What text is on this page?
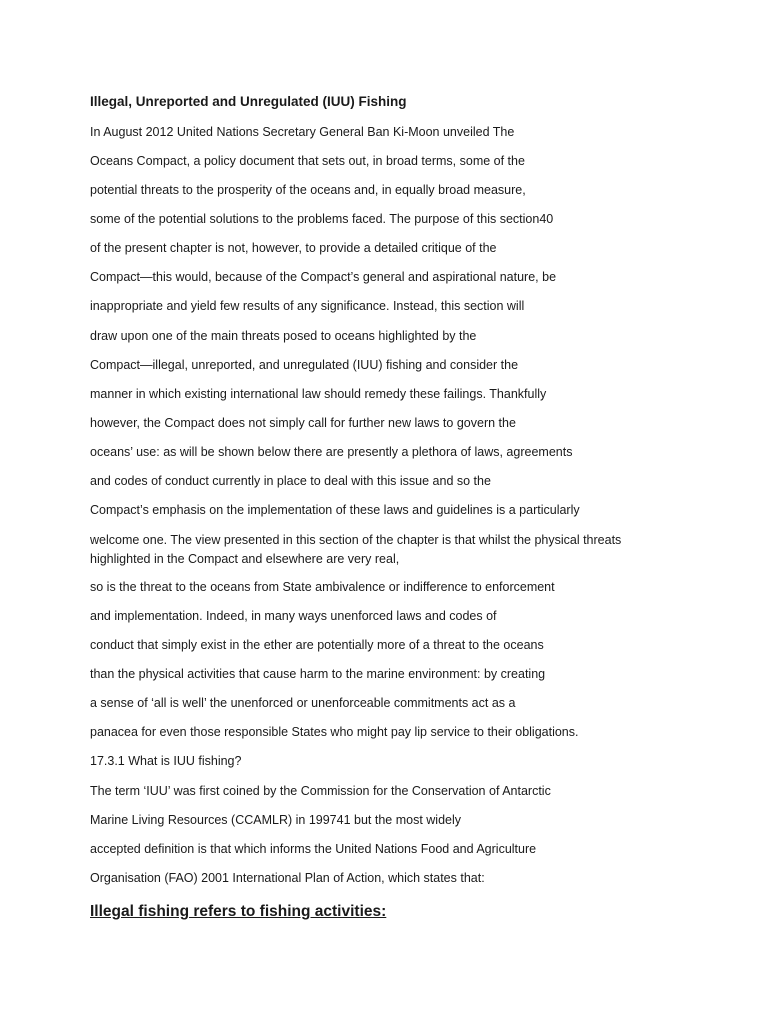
Illegal, Unreported and Unregulated (IUU) Fishing
In August 2012 United Nations Secretary General Ban Ki-Moon unveiled The
Oceans Compact, a policy document that sets out, in broad terms, some of the
potential threats to the prosperity of the oceans and, in equally broad measure,
some of the potential solutions to the problems faced. The purpose of this section40
of the present chapter is not, however, to provide a detailed critique of the
Compact—this would, because of the Compact’s general and aspirational nature, be
inappropriate and yield few results of any significance. Instead, this section will
draw upon one of the main threats posed to oceans highlighted by the
Compact—illegal, unreported, and unregulated (IUU) fishing and consider the
manner in which existing international law should remedy these failings. Thankfully
however, the Compact does not simply call for further new laws to govern the
oceans’ use: as will be shown below there are presently a plethora of laws, agreements
and codes of conduct currently in place to deal with this issue and so the
Compact’s emphasis on the implementation of these laws and guidelines is a particularly
welcome one. The view presented in this section of the chapter is that whilst the physical threats highlighted in the Compact and elsewhere are very real,
so is the threat to the oceans from State ambivalence or indifference to enforcement
and implementation. Indeed, in many ways unenforced laws and codes of
conduct that simply exist in the ether are potentially more of a threat to the oceans
than the physical activities that cause harm to the marine environment: by creating
a sense of ‘all is well’ the unenforced or unenforceable commitments act as a
panacea for even those responsible States who might pay lip service to their obligations.
17.3.1 What is IUU fishing?
The term ‘IUU’ was first coined by the Commission for the Conservation of Antarctic
Marine Living Resources (CCAMLR) in 199741 but the most widely
accepted definition is that which informs the United Nations Food and Agriculture
Organisation (FAO) 2001 International Plan of Action, which states that:
Illegal fishing refers to fishing activities:
